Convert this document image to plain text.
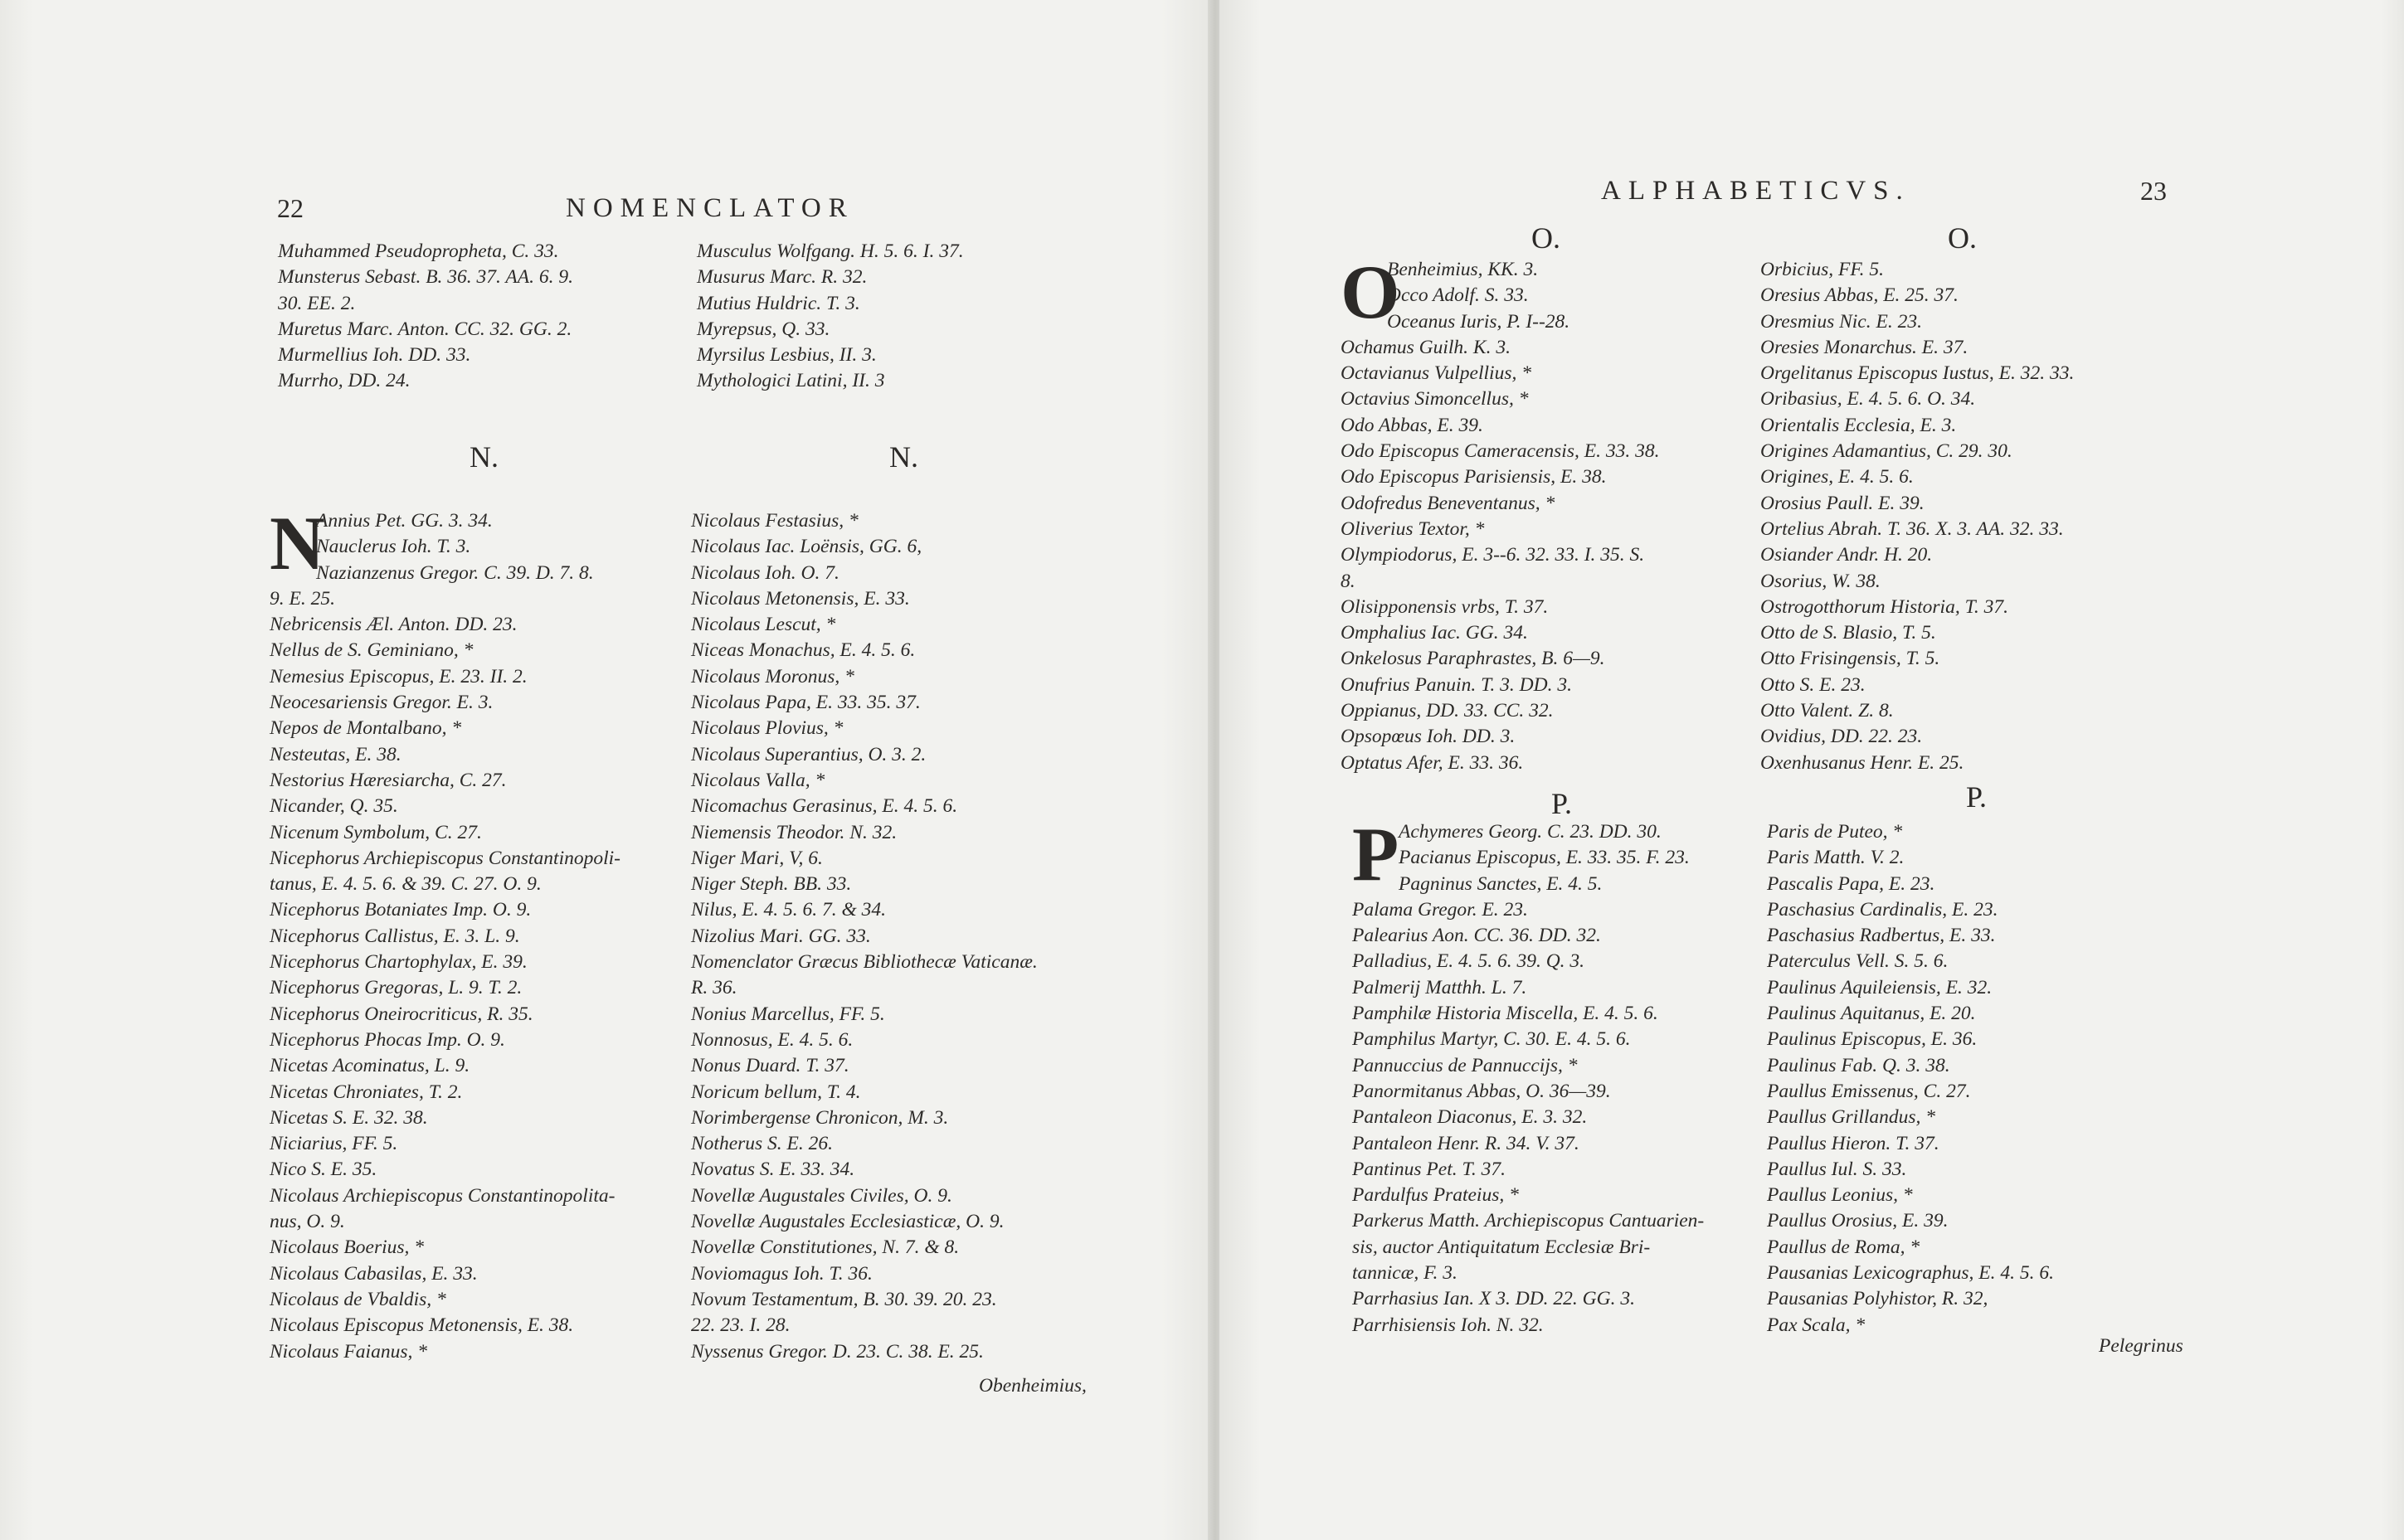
22	NOMENCLATOR
Muhammed Pseudopropheta, C. 33.
Munsterus Sebast. B. 36. 37. AA. 6. 9.
30. EE. 2.
Muretus Marc. Anton. CC. 32. GG. 2.
Murmellius Ioh. DD. 33.
Murrho, DD. 24.
Musculus Wolfgang. H. 5. 6. I. 37.
Musurus Marc. R. 32.
Mutius Huldric. T. 3.
Myrepsus, Q. 33.
Myrsilus Lesbius, II. 3.
Mythologici Latini, II. 3
N.	N.
N
Annius Pet. GG. 3. 34.
Nauclerus Ioh. T. 3.
Nazianzenus Gregor. C. 39. D. 7. 8.
9. E. 25.
Nebricensis Æl. Anton. DD. 23.
Nellus de S. Geminiano, *
Nemesius Episcopus, E. 23. II. 2.
Neocesariensis Gregor. E. 3.
Nepos de Montalbano, *
Nesteutas, E. 38.
Nestorius Hæresiarcha, C. 27.
Nicander, Q. 35.
Nicenum Symbolum, C. 27.
Nicephorus Archiepiscopus Constantinopoli-
tanus, E. 4. 5. 6. & 39. C. 27. O. 9.
Nicephorus Botaniates Imp. O. 9.
Nicephorus Callistus, E. 3. L. 9.
Nicephorus Chartophylax, E. 39.
Nicephorus Gregoras, L. 9. T. 2.
Nicephorus Oneirocriticus, R. 35.
Nicephorus Phocas Imp. O. 9.
Nicetas Acominatus, L. 9.
Nicetas Chroniates, T. 2.
Nicetas S. E. 32. 38.
Niciarius, FF. 5.
Nico S. E. 35.
Nicolaus Archiepiscopus Constantinopolita-
nus, O. 9.
Nicolaus Boerius, *
Nicolaus Cabasilas, E. 33.
Nicolaus de Vbaldis, *
Nicolaus Episcopus Metonensis, E. 38.
Nicolaus Faianus, *
Nicolaus Festasius, *
Nicolaus Iac. Loënsis, GG. 6,
Nicolaus Ioh. O. 7.
Nicolaus Metonensis, E. 33.
Nicolaus Lescut, *
Niceas Monachus, E. 4. 5. 6.
Nicolaus Moronus, *
Nicolaus Papa, E. 33. 35. 37.
Nicolaus Plovius, *
Nicolaus Superantius, O. 3. 2.
Nicolaus Valla, *
Nicomachus Gerasinus, E. 4. 5. 6.
Niemensis Theodor. N. 32.
Niger Mari, V, 6.
Niger Steph. BB. 33.
Nilus, E. 4. 5. 6. 7. & 34.
Nizolius Mari. GG. 33.
Nomenclator Græcus Bibliothecæ Vaticanæ.
R. 36.
Nonius Marcellus, FF. 5.
Nonnosus, E. 4. 5. 6.
Nonus Duard. T. 37.
Noricum bellum, T. 4.
Norimbergense Chronicon, M. 3.
Notherus S. E. 26.
Novatus S. E. 33. 34.
Novellæ Augustales Civiles, O. 9.
Novellæ Augustales Ecclesiasticæ, O. 9.
Novellæ Constitutiones, N. 7. & 8.
Noviomagus Ioh. T. 36.
Novum Testamentum, B. 30. 39. 20. 23.
22. 23. I. 28.
Nyssenus Gregor. D. 23. C. 38. E. 25.
Obenheimius,
ALPHABETICVS.	23
O.	O.
O
Benheimius, KK. 3.
Occo Adolf. S. 33.
Oceanus Iuris, P. I--28.
Ochamus Guilh. K. 3.
Octavianus Vulpellius, *
Octavius Simoncellus, *
Odo Abbas, E. 39.
Odo Episcopus Cameracensis, E. 33. 38.
Odo Episcopus Parisiensis, E. 38.
Odofredus Beneventanus, *
Oliverius Textor, *
Olympiodorus, E. 3--6. 32. 33. I. 35. S.
8.
Olisipponensis vrbs, T. 37.
Omphalius Iac. GG. 34.
Onkelosus Paraphrastes, B. 6—9.
Onufrius Panuin. T. 3. DD. 3.
Oppianus, DD. 33. CC. 32.
Opsopœus Ioh. DD. 3.
Optatus Afer, E. 33. 36.
Orbicius, FF. 5.
Oresius Abbas, E. 25. 37.
Oresmius Nic. E. 23.
Oresies Monarchus. E. 37.
Orgelitanus Episcopus Iustus, E. 32. 33.
Oribasius, E. 4. 5. 6. O. 34.
Orientalis Ecclesia, E. 3.
Origines Adamantius, C. 29. 30.
Origines, E. 4. 5. 6.
Orosius Paull. E. 39.
Ortelius Abrah. T. 36. X. 3. AA. 32. 33.
Osiander Andr. H. 20.
Osorius, W. 38.
Ostrogotthorum Historia, T. 37.
Otto de S. Blasio, T. 5.
Otto Frisingensis, T. 5.
Otto S. E. 23.
Otto Valent. Z. 8.
Ovidius, DD. 22. 23.
Oxenhusanus Henr. E. 25.
P.	P.
P Achymeres Georg. C. 23. DD. 30.
Pacianus Episcopus, E. 33. 35. F. 23.
Pagninus Sanctes, E. 4. 5.
Palama Gregor. E. 23.
Palearius Aon. CC. 36. DD. 32.
Palladius, E. 4. 5. 6. 39. Q. 3.
Palmerij Matthh. L. 7.
Pamphilæ Historia Miscella, E. 4. 5. 6.
Pamphilus Martyr, C. 30. E. 4. 5. 6.
Pannuccius de Pannuccijs, *
Panormitanus Abbas, O. 36—39.
Pantaleon Diaconus, E. 3. 32.
Pantaleon Henr. R. 34. V. 37.
Pantinus Pet. T. 37.
Pardulfus Prateius, *
Parkerus Matth. Archiepiscopus Cantuarien-
sis, auctor Antiquitatum Ecclesiæ Bri-
tannicæ, F. 3.
Parrhasius Ian. X 3. DD. 22. GG. 3.
Parrhisiensis Ioh. N. 32.
Paris de Puteo, *
Paris Matth. V. 2.
Pascalis Papa, E. 23.
Paschasius Cardinalis, E. 23.
Paschasius Radbertus, E. 33.
Paterculus Vell. S. 5. 6.
Paulinus Aquileiensis, E. 32.
Paulinus Aquitanus, E. 20.
Paulinus Episcopus, E. 36.
Paulinus Fab. Q. 3. 38.
Paullus Emissenus, C. 27.
Paullus Grillandus, *
Paullus Hieron. T. 37.
Paullus Iul. S. 33.
Paullus Leonius, *
Paullus Orosius, E. 39.
Paullus de Roma, *
Pausanias Lexicographus, E. 4. 5. 6.
Pausanias Polyhistor, R. 32,
Pax Scala, *
Pelegrinus
